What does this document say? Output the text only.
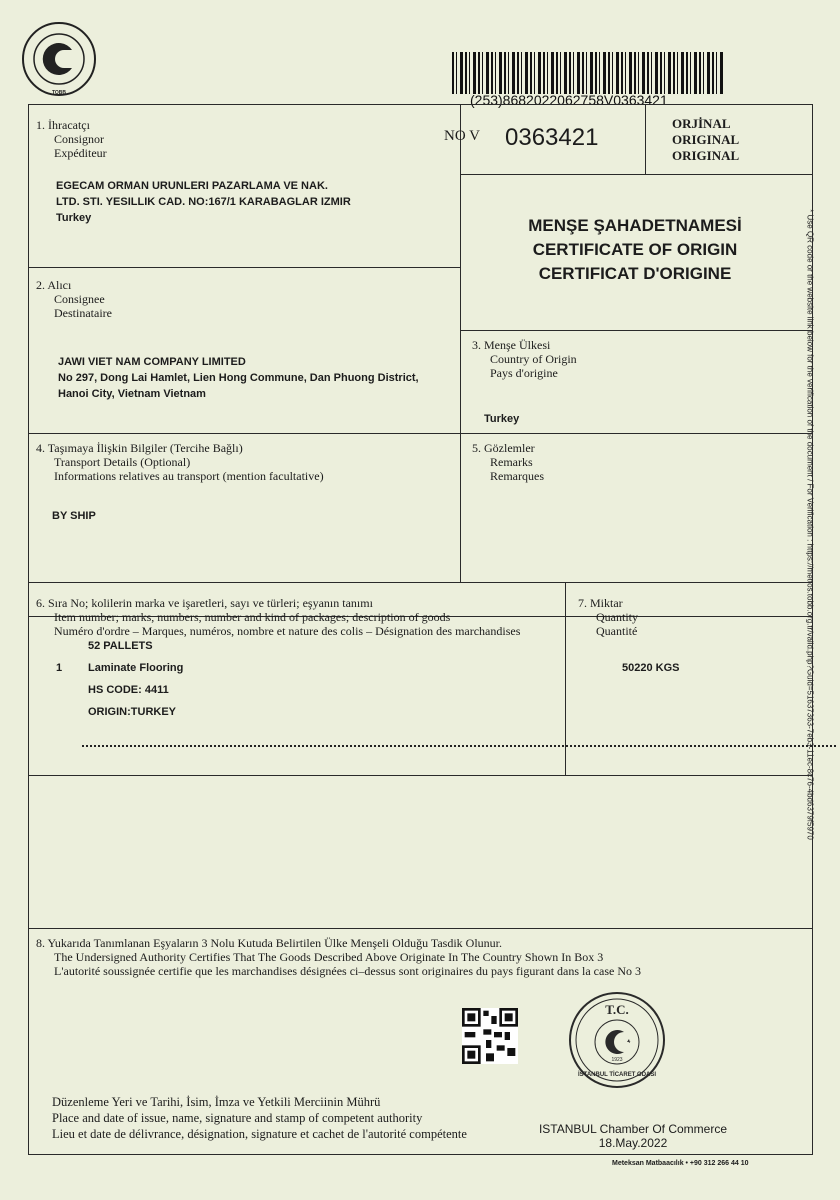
TOBB	(253)8682022062758V0363421
* Use QR code or the website link below for the verification of the document / For Verification : https://mettos.tobb.org.tr/valid.php?Guid=51637363-7eb3-11ec-8c76-4bd6379f5970
1. İhracatçı
Consignor
Expéditeur
EGECAM ORMAN URUNLERI PAZARLAMA VE NAK.
LTD. STI. YESILLIK CAD. NO:167/1 KARABAGLAR IZMIR
Turkey
NO V 0363421
ORJİNAL
ORIGINAL
ORIGINAL
MENŞE ŞAHADETNAMESİ
CERTIFICATE OF ORIGIN
CERTIFICAT D'ORIGINE
2. Alıcı
Consignee
Destinataire
JAWI VIET NAM COMPANY LIMITED
No 297, Dong Lai Hamlet, Lien Hong Commune, Dan Phuong District,
Hanoi City, Vietnam Vietnam
3. Menşe Ülkesi
Country of Origin
Pays d'origine
Turkey
4. Taşımaya İlişkin Bilgiler (Tercihe Bağlı)
Transport Details (Optional)
Informations relatives au transport (mention facultative)
BY SHIP
5. Gözlemler
Remarks
Remarques
6. Sıra No; kolilerin marka ve işaretleri, sayı ve türleri; eşyanın tanımı
Item number; marks, numbers, number and kind of packages; description of goods
Numéro d'ordre – Marques, numéros, nombre et nature des colis – Désignation des marchandises
52 PALLETS
1 Laminate Flooring
HS CODE: 4411
ORIGIN:TURKEY
7. Miktar
Quantity
Quantité
50220 KGS
8. Yukarıda Tanımlanan Eşyaların 3 Nolu Kutuda Belirtilen Ülke Menşeli Olduğu Tasdik Olunur.
The Undersigned Authority Certifies That The Goods Described Above Originate In The Country Shown In Box 3
L'autorité soussignée certifie que les marchandises désignées ci–dessus sont originaires du pays figurant dans la case No 3
T.C.
1923
İSTANBUL TİCARET ODASI
Düzenleme Yeri ve Tarihi, İsim, İmza ve Yetkili Merciinin Mührü
Place and date of issue, name, signature and stamp of competent authority
Lieu et date de délivrance, désignation, signature et cachet de l'autorité compétente	ISTANBUL Chamber Of Commerce
18.May.2022
Meteksan Matbaacılık • +90 312 266 44 10
